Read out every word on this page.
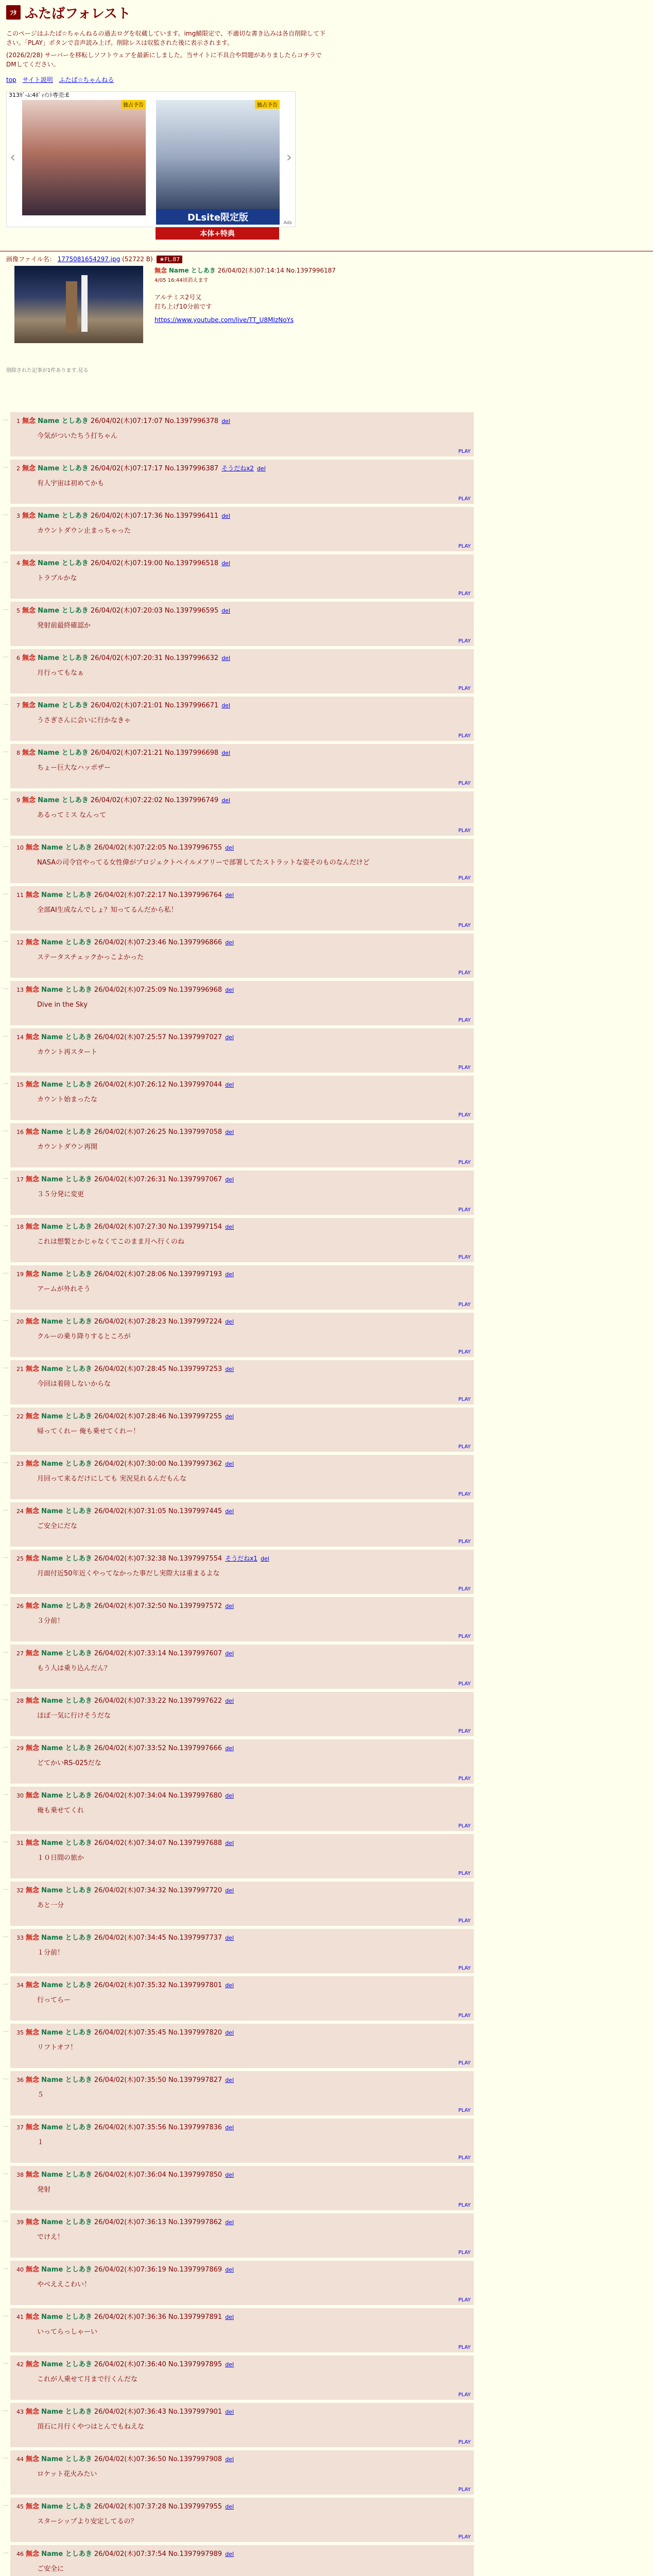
ﾌﾀ ふたばフォレスト

このページはふたば☆ちゃんねるの過去ログを収蔵しています。img鯖限定で、不適切な書き込みは各自削除して下さい。「PLAY」ボタンで音声読み上げ。削除レスは収監された後に表示されます。

(2026/2/28) サーバーを移転しソフトウェアを最新にしました。当サイトに不具合や問題がありましたらコチラでDMしてください。

top サイト説明 ふたば☆ちゃんねる
313ｶﾞ-ﾑ:4ﾎﾞｨｲﾝﾄ専売:E
独占予告	独占予告
DLsite限定版
‹	›
Ads
本体+特典
画像ファイル名： 1775081654297.jpg (52722 B) ★FL.87
無念 Name としあき 26/04/02(木)07:14:14 No.1397996187
4/05 16:44頃消えます
アルテミス2号又
打ち上げ10分前です
https://www.youtube.com/live/TT_U8MIzNoYs
削除された記事が1件あります.見る
… 1 無念 Name としあき 26/04/02(木)07:17:07 No.1397996378 del
今気がついたちう打ちゃん
PLAY
… 2 無念 Name としあき 26/04/02(木)07:17:17 No.1397996387 そうだねx2 del
有人宇宙は初めてかも
PLAY
… 3 無念 Name としあき 26/04/02(木)07:17:36 No.1397996411 del
カウントダウン止まっちゃった
PLAY
… 4 無念 Name としあき 26/04/02(木)07:19:00 No.1397996518 del
トラブルかな
PLAY
… 5 無念 Name としあき 26/04/02(木)07:20:03 No.1397996595 del
発射前最終確認か
PLAY
… 6 無念 Name としあき 26/04/02(木)07:20:31 No.1397996632 del
月行ってもなぁ
PLAY
… 7 無念 Name としあき 26/04/02(木)07:21:01 No.1397996671 del
うさぎさんに会いに行かなきゃ
PLAY
… 8 無念 Name としあき 26/04/02(木)07:21:21 No.1397996698 del
ちょー巨大なハッポザー
PLAY
… 9 無念 Name としあき 26/04/02(木)07:22:02 No.1397996749 del
あるってミス なんって
PLAY
… 10 無念 Name としあき 26/04/02(木)07:22:05 No.1397996755 del
NASAの司令官やってる女性偉がプロジェクトペイルメアリーで部署してたストラットな姿そのものなんだけど
PLAY
… 11 無念 Name としあき 26/04/02(木)07:22:17 No.1397996764 del
全部AI生成なんでしょ？知ってるんだから私！
PLAY
… 12 無念 Name としあき 26/04/02(木)07:23:46 No.1397996866 del
ステータスチェックかっこよかった
PLAY
… 13 無念 Name としあき 26/04/02(木)07:25:09 No.1397996968 del
Dive in the Sky
PLAY
… 14 無念 Name としあき 26/04/02(木)07:25:57 No.1397997027 del
カウント再スタート
PLAY
… 15 無念 Name としあき 26/04/02(木)07:26:12 No.1397997044 del
カウント始まったな
PLAY
… 16 無念 Name としあき 26/04/02(木)07:26:25 No.1397997058 del
カウントダウン再開
PLAY
… 17 無念 Name としあき 26/04/02(木)07:26:31 No.1397997067 del
３５分発に変更
PLAY
… 18 無念 Name としあき 26/04/02(木)07:27:30 No.1397997154 del
これは想製とかじゃなくてこのまま月へ行くのね
PLAY
… 19 無念 Name としあき 26/04/02(木)07:28:06 No.1397997193 del
アームが外れそう
PLAY
… 20 無念 Name としあき 26/04/02(木)07:28:23 No.1397997224 del
クルーの乗り降りするところが
PLAY
… 21 無念 Name としあき 26/04/02(木)07:28:45 No.1397997253 del
今回は着陸しないからな
PLAY
… 22 無念 Name としあき 26/04/02(木)07:28:46 No.1397997255 del
帰ってくれー 俺も乗せてくれー！
PLAY
… 23 無念 Name としあき 26/04/02(木)07:30:00 No.1397997362 del
月回って来るだけにしても 実況見れるんだもんな
PLAY
… 24 無念 Name としあき 26/04/02(木)07:31:05 No.1397997445 del
ご安全にだな
PLAY
… 25 無念 Name としあき 26/04/02(木)07:32:38 No.1397997554 そうだねx1 del
月面付近50年近くやってなかった事だし実際大は重まるよな
PLAY
… 26 無念 Name としあき 26/04/02(木)07:32:50 No.1397997572 del
３分前！
PLAY
… 27 無念 Name としあき 26/04/02(木)07:33:14 No.1397997607 del
もう人は乗り込んだん？
PLAY
… 28 無念 Name としあき 26/04/02(木)07:33:22 No.1397997622 del
ほぼ一気に行けそうだな
PLAY
… 29 無念 Name としあき 26/04/02(木)07:33:52 No.1397997666 del
どてかいRS-025だな
PLAY
… 30 無念 Name としあき 26/04/02(木)07:34:04 No.1397997680 del
俺も乗せてくれ
PLAY
… 31 無念 Name としあき 26/04/02(木)07:34:07 No.1397997688 del
１０日間の旅か
PLAY
… 32 無念 Name としあき 26/04/02(木)07:34:32 No.1397997720 del
あと一分
PLAY
… 33 無念 Name としあき 26/04/02(木)07:34:45 No.1397997737 del
１分前！
PLAY
… 34 無念 Name としあき 26/04/02(木)07:35:32 No.1397997801 del
行ってらー
PLAY
… 35 無念 Name としあき 26/04/02(木)07:35:45 No.1397997820 del
リフトオフ！
PLAY
… 36 無念 Name としあき 26/04/02(木)07:35:50 No.1397997827 del
５
PLAY
… 37 無念 Name としあき 26/04/02(木)07:35:56 No.1397997836 del
１
PLAY
… 38 無念 Name としあき 26/04/02(木)07:36:04 No.1397997850 del
発射
PLAY
… 39 無念 Name としあき 26/04/02(木)07:36:13 No.1397997862 del
でけえ！
PLAY
… 40 無念 Name としあき 26/04/02(木)07:36:19 No.1397997869 del
やべええこわい！
PLAY
… 41 無念 Name としあき 26/04/02(木)07:36:36 No.1397997891 del
いってらっしゃーい
PLAY
… 42 無念 Name としあき 26/04/02(木)07:36:40 No.1397997895 del
これが人乗せて月まで行くんだな
PLAY
… 43 無念 Name としあき 26/04/02(木)07:36:43 No.1397997901 del
頂石に月行くやつはとんでもねえな
PLAY
… 44 無念 Name としあき 26/04/02(木)07:36:50 No.1397997908 del
ロケット花火みたい
PLAY
… 45 無念 Name としあき 26/04/02(木)07:37:28 No.1397997955 del
スターシップより安定してるの？
PLAY
… 46 無念 Name としあき 26/04/02(木)07:37:54 No.1397997989 del
ご安全に
